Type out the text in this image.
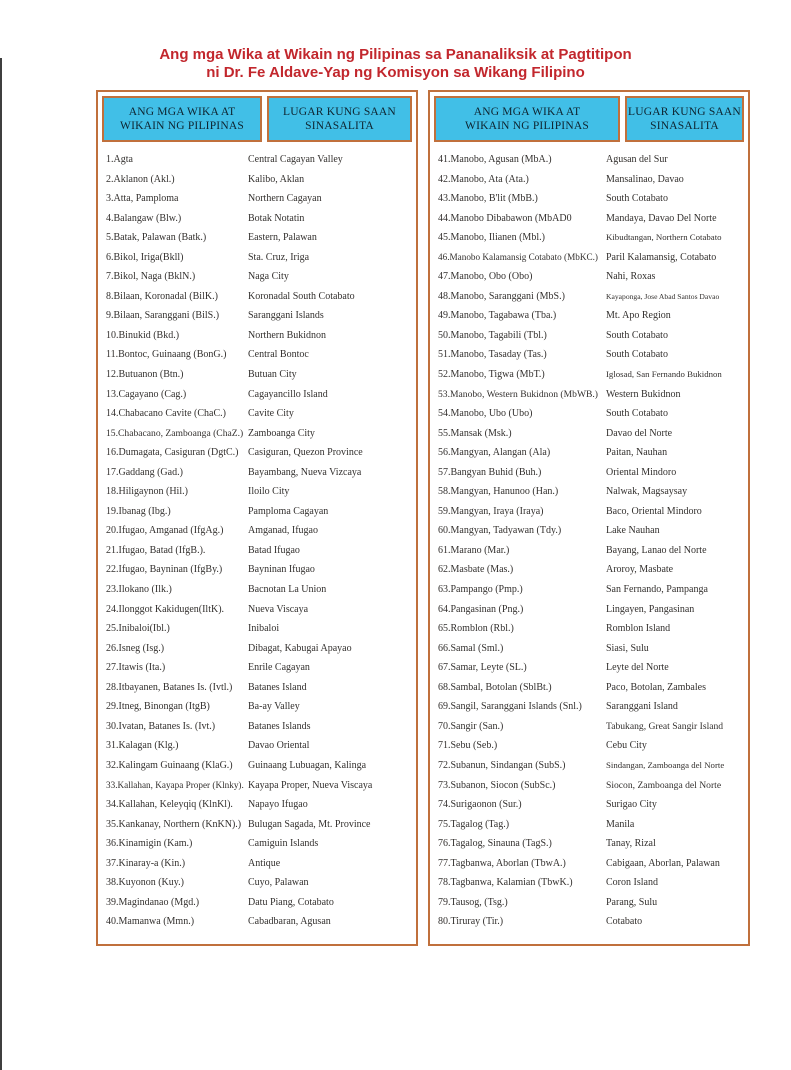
Ang mga Wika at Wikain ng Pilipinas sa Pananaliksik at Pagtitipon
ni Dr. Fe Aldave-Yap ng Komisyon sa Wikang Filipino
ANG MGA WIKA AT
WIKAIN NG PILIPINAS
LUGAR KUNG SAAN
SINASALITA
1.Agta	Central Cagayan Valley
2.Aklanon (Akl.)	Kalibo, Aklan
3.Atta, Pamploma	Northern Cagayan
4.Balangaw (Blw.)	Botak Notatin
5.Batak, Palawan (Batk.)	Eastern, Palawan
6.Bikol, Iriga(Bkll)	Sta. Cruz, Iriga
7.Bikol, Naga (BklN.)	Naga City
8.Bilaan, Koronadal (BilK.)	Koronadal South Cotabato
9.Bilaan, Saranggani (BilS.)	Saranggani Islands
10.Binukid (Bkd.)	Northern Bukidnon
11.Bontoc, Guinaang (BonG.)	Central Bontoc
12.Butuanon (Btn.)	Butuan City
13.Cagayano (Cag.)	Cagayancillo Island
14.Chabacano Cavite (ChaC.)	Cavite City
15.Chabacano, Zamboanga (ChaZ.) Zamboanga City
16.Dumagata, Casiguran (DgtC.) Casiguran, Quezon Province
17.Gaddang (Gad.)	Bayambang, Nueva Vizcaya
18.Hiligaynon (Hil.)	Iloilo City
19.Ibanag (Ibg.)	Pamploma Cagayan
20.Ifugao, Amganad (IfgAg.)	Amganad, Ifugao
21.Ifugao, Batad (IfgB.).	Batad Ifugao
22.Ifugao, Bayninan (IfgBy.)	Bayninan Ifugao
23.Ilokano (Ilk.)	Bacnotan La Union
24.Ilonggot Kakidugen(IltK).	Nueva Viscaya
25.Inibaloi(Ibl.)	Inibaloi
26.Isneg (Isg.)	Dibagat, Kabugai Apayao
27.Itawis (Ita.)	Enrile Cagayan
28.Itbayanen, Batanes Is. (Ivtl.)	Batanes Island
29.Itneg, Binongan (ItgB)	Ba-ay Valley
30.Ivatan, Batanes Is. (Ivt.)	Batanes Islands
31.Kalagan (Klg.)	Davao Oriental
32.Kalingam Guinaang (KlaG.)	Guinaang Lubuagan, Kalinga
33.Kallahan, Kayapa Proper (Klnky). Kayapa Proper, Nueva Viscaya
34.Kallahan, Keleyqiq (KlnKl).	Napayo Ifugao
35.Kankanay, Northern (KnKN).) Bulugan Sagada, Mt. Province
36.Kinamigin (Kam.)	Camiguin Islands
37.Kinaray-a (Kin.)	Antique
38.Kuyonon (Kuy.)	Cuyo, Palawan
39.Magindanao (Mgd.)	Datu Piang, Cotabato
40.Mamanwa (Mmn.)	Cabadbaran, Agusan
ANG MGA WIKA AT
WIKAIN NG PILIPINAS
LUGAR KUNG SAAN
SINASALITA
41.Manobo, Agusan (MbA.)	Agusan del Sur
42.Manobo, Ata (Ata.)	Mansalinao, Davao
43.Manobo, B'lit (MbB.)	South Cotabato
44.Manobo Dibabawon (MbAD0	Mandaya, Davao Del Norte
45.Manobo, Ilianen (Mbl.)	Kibudtangan, Northern Cotabato
46.Manobo Kalamansig Cotabato (MbKC.) Paril Kalamansig, Cotabato
47.Manobo, Obo (Obo)	Nahi, Roxas
48.Manobo, Saranggani (MbS.)	Kayaponga, Jose Abad Santos Davao
49.Manobo, Tagabawa (Tba.)	Mt. Apo Region
50.Manobo, Tagabili (Tbl.)	South Cotabato
51.Manobo, Tasaday (Tas.)	South Cotabato
52.Manobo, Tigwa (MbT.)	Iglosad, San Fernando Bukidnon
53.Manobo, Western Bukidnon (MbWB.) Western Bukidnon
54.Manobo, Ubo (Ubo)	South Cotabato
55.Mansak (Msk.)	Davao del Norte
56.Mangyan, Alangan (Ala)	Paitan, Nauhan
57.Bangyan Buhid (Buh.)	Oriental Mindoro
58.Mangyan, Hanunoo (Han.)	Nalwak, Magsaysay
59.Mangyan, Iraya (Iraya)	Baco, Oriental Mindoro
60.Mangyan, Tadyawan (Tdy.)	Lake Nauhan
61.Marano (Mar.)	Bayang, Lanao del Norte
62.Masbate (Mas.)	Aroroy, Masbate
63.Pampango (Pmp.)	San Fernando, Pampanga
64.Pangasinan (Png.)	Lingayen, Pangasinan
65.Romblon (Rbl.)	Romblon Island
66.Samal (Sml.)	Siasi, Sulu
67.Samar, Leyte (SL.)	Leyte del Norte
68.Sambal, Botolan (SblBt.)	Paco, Botolan, Zambales
69.Sangil, Saranggani Islands (Snl.)	Saranggani Island
70.Sangir (San.)	Tabukang, Great Sangir Island
71.Sebu (Seb.)	Cebu City
72.Subanun, Sindangan (SubS.)	Sindangan, Zamboanga del Norte
73.Subanon, Siocon (SubSc.)	Siocon, Zamboanga del Norte
74.Surigaonon (Sur.)	Surigao City
75.Tagalog (Tag.)	Manila
76.Tagalog, Sinauna (TagS.)	Tanay, Rizal
77.Tagbanwa, Aborlan (TbwA.)	Cabigaan, Aborlan, Palawan
78.Tagbanwa, Kalamian (TbwK.)	Coron Island
79.Tausog, (Tsg.)	Parang, Sulu
80.Tiruray (Tir.)	Cotabato
